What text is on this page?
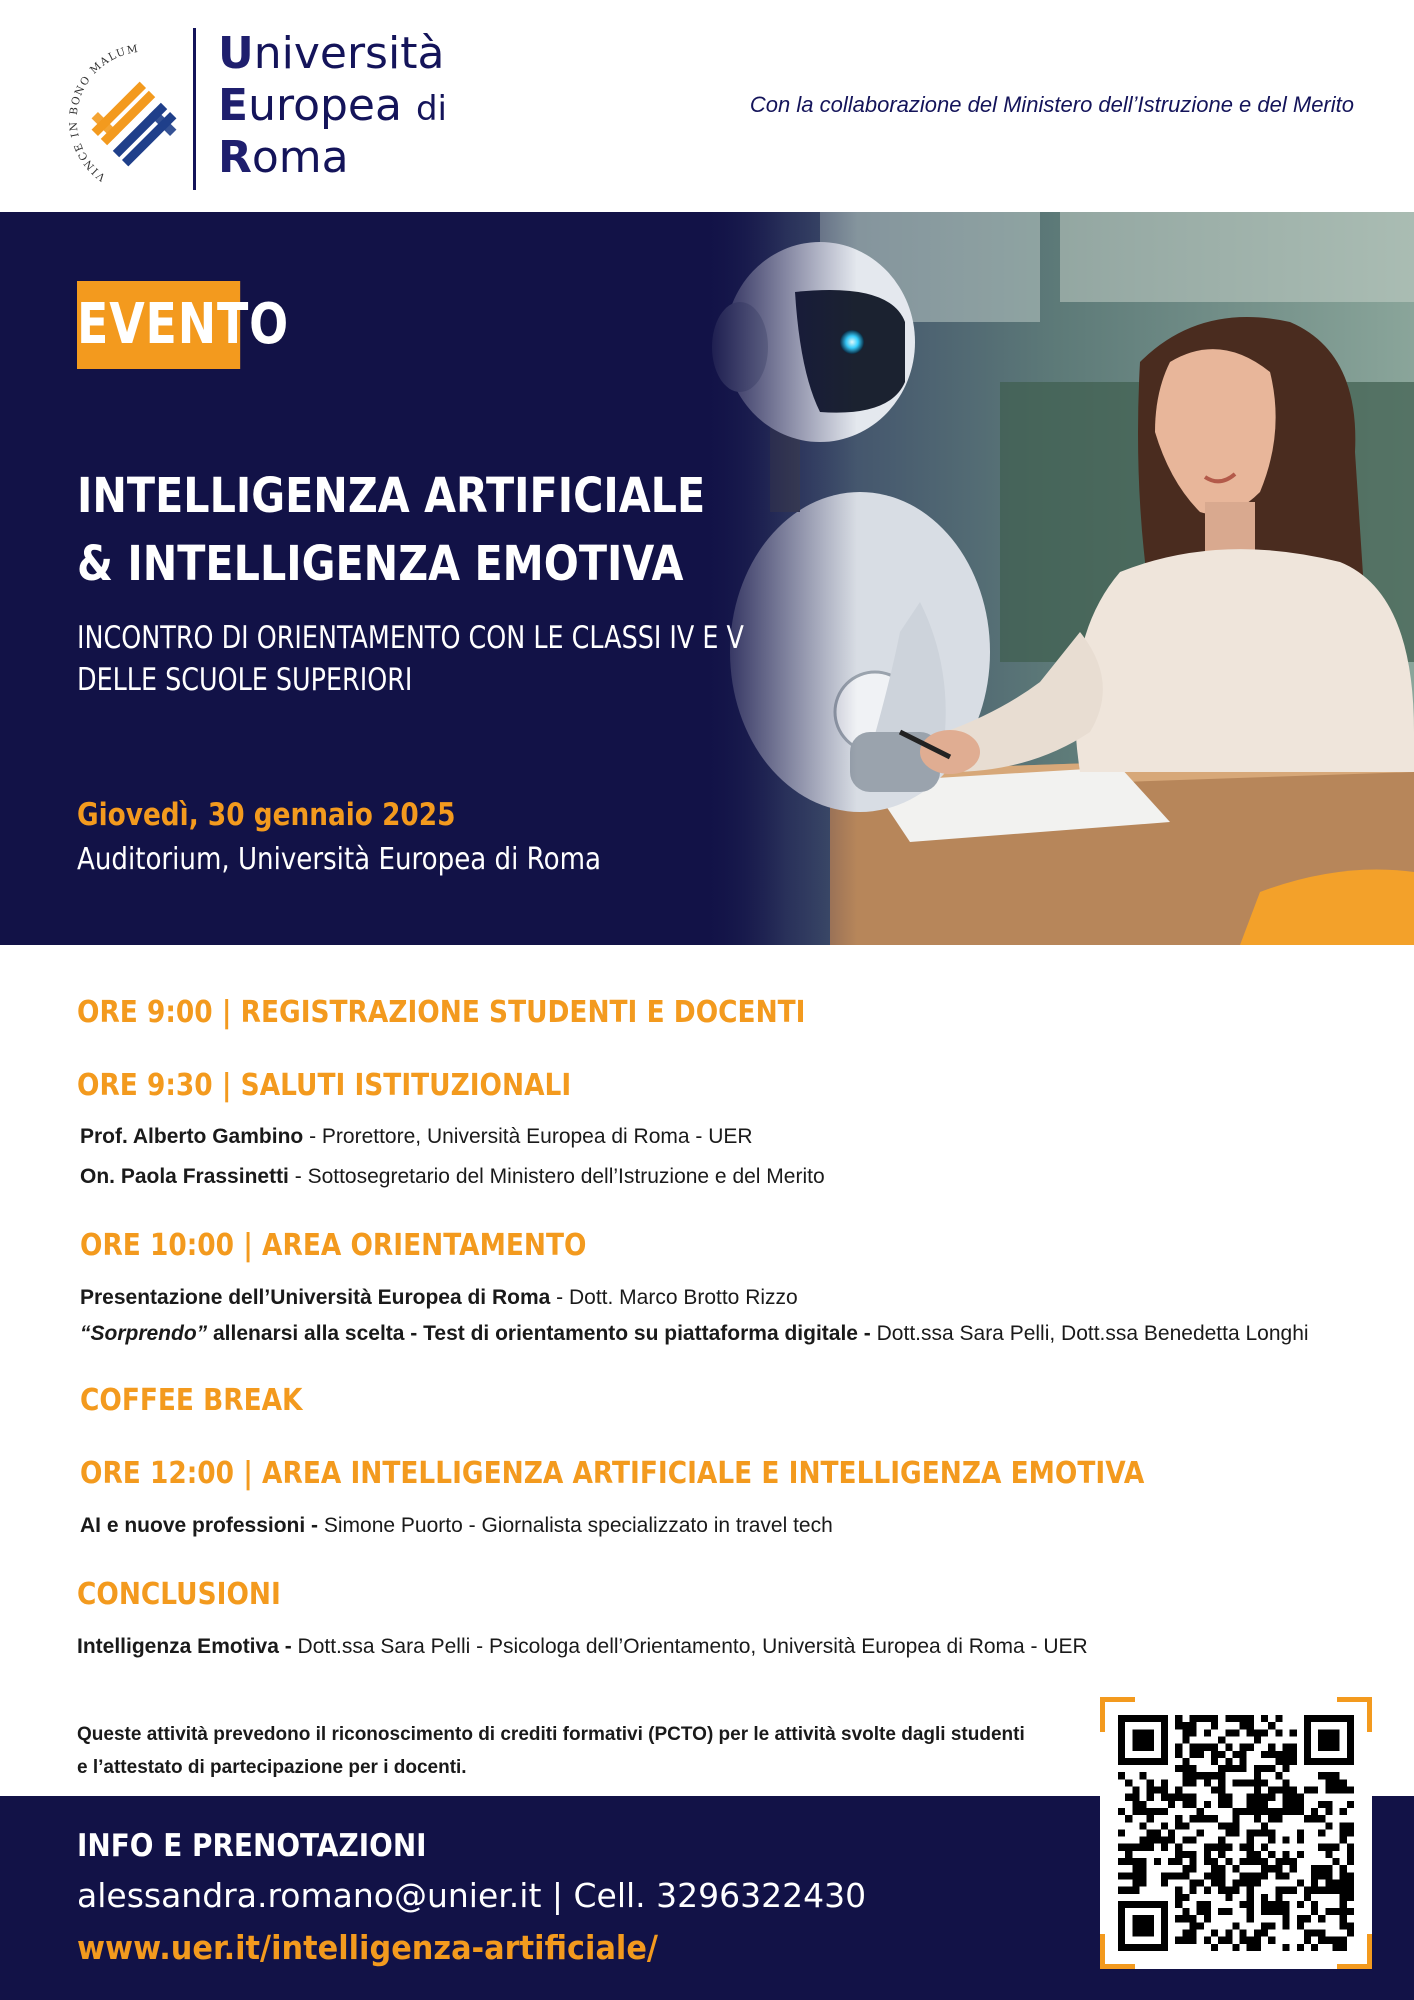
VINCE IN BONO MALUM Università
Europea di
Roma
Con la collaborazione del Ministero dell’Istruzione e del Merito
EVENTO
INTELLIGENZA ARTIFICIALE
& INTELLIGENZA EMOTIVA
INCONTRO DI ORIENTAMENTO CON LE CLASSI IV E V
DELLE SCUOLE SUPERIORI
Giovedì, 30 gennaio 2025
Auditorium, Università Europea di Roma
ORE 9:00 | REGISTRAZIONE STUDENTI E DOCENTI
ORE 9:30 | SALUTI ISTITUZIONALI
Prof. Alberto Gambino - Prorettore, Università Europea di Roma - UER
On. Paola Frassinetti - Sottosegretario del Ministero dell’Istruzione e del Merito
ORE 10:00 | AREA ORIENTAMENTO
Presentazione dell’Università Europea di Roma - Dott. Marco Brotto Rizzo
“Sorprendo” allenarsi alla scelta - Test di orientamento su piattaforma digitale - Dott.ssa Sara Pelli, Dott.ssa Benedetta Longhi
COFFEE BREAK
ORE 12:00 | AREA INTELLIGENZA ARTIFICIALE E INTELLIGENZA EMOTIVA
AI e nuove professioni - Simone Puorto - Giornalista specializzato in travel tech
CONCLUSIONI
Intelligenza Emotiva - Dott.ssa Sara Pelli - Psicologa dell’Orientamento, Università Europea di Roma - UER
Queste attività prevedono il riconoscimento di crediti formativi (PCTO) per le attività svolte dagli studenti
e l’attestato di partecipazione per i docenti.
INFO E PRENOTAZIONI
alessandra.romano@unier.it | Cell. 3296322430
www.uer.it/intelligenza-artificiale/
